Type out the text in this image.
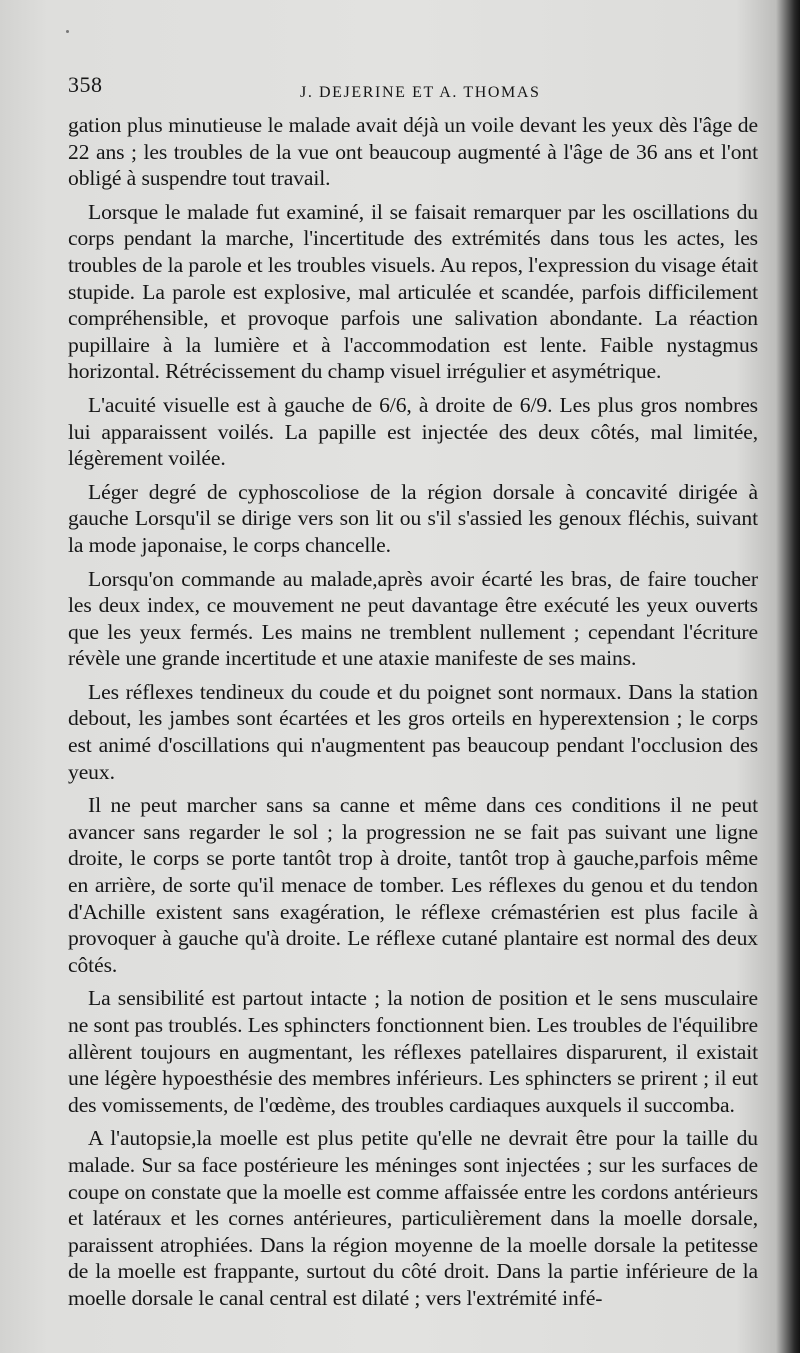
358	J. DEJERINE ET A. THOMAS

gation plus minutieuse le malade avait déjà un voile devant les yeux dès l'âge de 22 ans ; les troubles de la vue ont beaucoup augmenté à l'âge de 36 ans et l'ont obligé à suspendre tout travail.

Lorsque le malade fut examiné, il se faisait remarquer par les oscillations du corps pendant la marche, l'incertitude des extrémités dans tous les actes, les troubles de la parole et les troubles visuels. Au repos, l'expression du visage était stupide. La parole est explosive, mal articulée et scandée, parfois difficilement compréhensible, et provoque parfois une salivation abondante. La réaction pupillaire à la lumière et à l'accommodation est lente. Faible nystagmus horizontal. Rétrécissement du champ visuel irrégulier et asymétrique.

L'acuité visuelle est à gauche de 6/6, à droite de 6/9. Les plus gros nombres lui apparaissent voilés. La papille est injectée des deux côtés, mal limitée, légèrement voilée.

Léger degré de cyphoscoliose de la région dorsale à concavité dirigée à gauche Lorsqu'il se dirige vers son lit ou s'il s'assied les genoux fléchis, suivant la mode japonaise, le corps chancelle.

Lorsqu'on commande au malade,après avoir écarté les bras, de faire toucher les deux index, ce mouvement ne peut davantage être exécuté les yeux ouverts que les yeux fermés. Les mains ne tremblent nullement ; cependant l'écriture révèle une grande incertitude et une ataxie manifeste de ses mains.

Les réflexes tendineux du coude et du poignet sont normaux. Dans la station debout, les jambes sont écartées et les gros orteils en hyperextension ; le corps est animé d'oscillations qui n'augmentent pas beaucoup pendant l'occlusion des yeux.

Il ne peut marcher sans sa canne et même dans ces conditions il ne peut avancer sans regarder le sol ; la progression ne se fait pas suivant une ligne droite, le corps se porte tantôt trop à droite, tantôt trop à gauche,parfois même en arrière, de sorte qu'il menace de tomber. Les réflexes du genou et du tendon d'Achille existent sans exagération, le réflexe crémastérien est plus facile à provoquer à gauche qu'à droite. Le réflexe cutané plantaire est normal des deux côtés.

La sensibilité est partout intacte ; la notion de position et le sens musculaire ne sont pas troublés. Les sphincters fonctionnent bien. Les troubles de l'équilibre allèrent toujours en augmentant, les réflexes patellaires disparurent, il existait une légère hypoesthésie des membres inférieurs. Les sphincters se prirent ; il eut des vomissements, de l'œdème, des troubles cardiaques auxquels il succomba.

A l'autopsie,la moelle est plus petite qu'elle ne devrait être pour la taille du malade. Sur sa face postérieure les méninges sont injectées ; sur les surfaces de coupe on constate que la moelle est comme affaissée entre les cordons antérieurs et latéraux et les cornes antérieures, particulièrement dans la moelle dorsale, paraissent atrophiées. Dans la région moyenne de la moelle dorsale la petitesse de la moelle est frappante, surtout du côté droit. Dans la partie inférieure de la moelle dorsale le canal central est dilaté ; vers l'extrémité infé-
